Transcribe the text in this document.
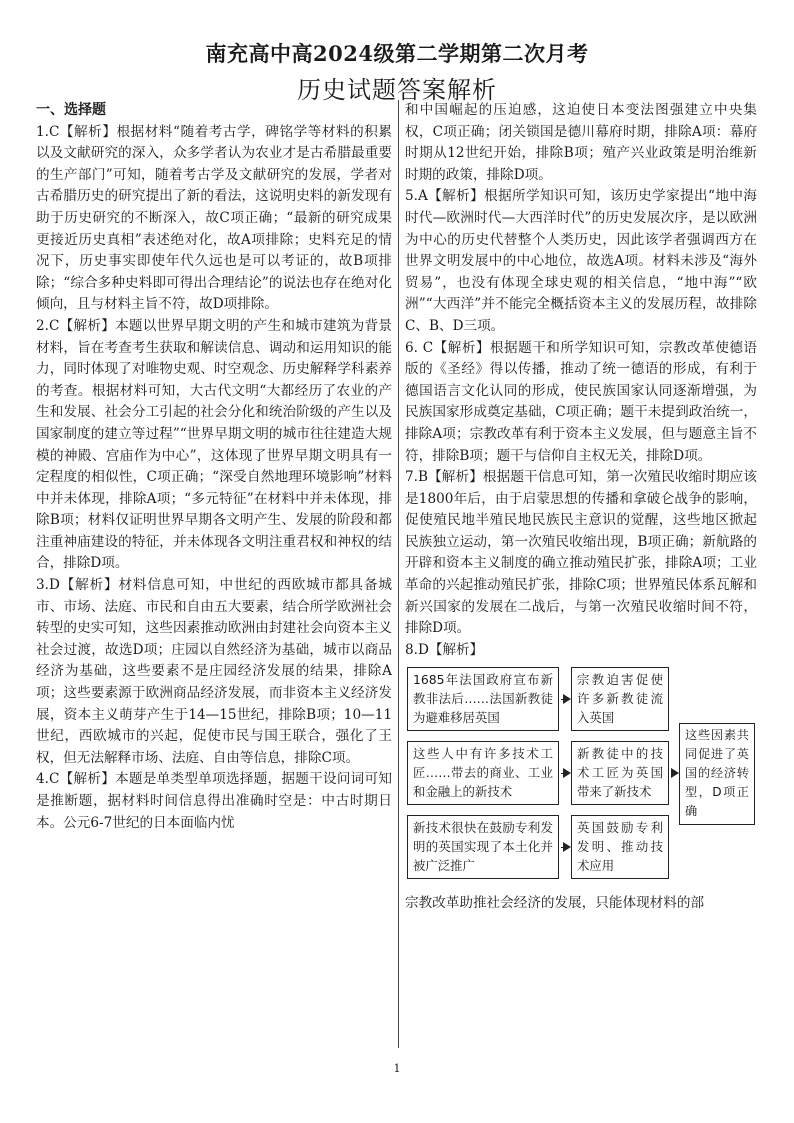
南充高中高2024级第二学期第二次月考
历史试题答案解析
一、选择题

1.C【解析】根据材料“随着考古学，碑铭学等材料的积累以及文献研究的深入，众多学者认为农业才是古希腊最重要的生产部门”可知，随着考古学及文献研究的发展，学者对古希腊历史的研究提出了新的看法，这说明史料的新发现有助于历史研究的不断深入，故C项正确；“最新的研究成果更接近历史真相”表述绝对化，故A项排除；史料充足的情况下，历史事实即使年代久远也是可以考证的，故B项排除；“综合多种史料即可得出合理结论”的说法也存在绝对化倾向，且与材料主旨不符，故D项排除。

2.C【解析】本题以世界早期文明的产生和城市建筑为背景材料，旨在考查考生获取和解读信息、调动和运用知识的能力，同时体现了对唯物史观、时空观念、历史解释学科素养的考查。根据材料可知，大古代文明“大都经历了农业的产生和发展、社会分工引起的社会分化和统治阶级的产生以及国家制度的建立等过程”“世界早期文明的城市往往建造大规模的神殿、宫庙作为中心”，这体现了世界早期文明具有一定程度的相似性，C项正确；“深受自然地理环境影响”材料中并未体现，排除A项；“多元特征”在材料中并未体现，排除B项；材料仅证明世界早期各文明产生、发展的阶段和都注重神庙建设的特征，并未体现各文明注重君权和神权的结合，排除D项。

3.D【解析】材料信息可知，中世纪的西欧城市都具备城市、市场、法庭、市民和自由五大要素，结合所学欧洲社会转型的史实可知，这些因素推动欧洲由封建社会向资本主义社会过渡，故选D项；庄园以自然经济为基础，城市以商品经济为基础，这些要素不是庄园经济发展的结果，排除A项；这些要素源于欧洲商品经济发展，而非资本主义经济发展，资本主义萌芽产生于14—15世纪，排除B项；10—11世纪，西欧城市的兴起，促使市民与国王联合，强化了王权，但无法解释市场、法庭、自由等信息，排除C项。

4.C【解析】本题是单类型单项选择题，据题干设问词可知是推断题，据材料时间信息得出准确时空是：中古时期日本。公元6-7世纪的日本面临内忧

和中国崛起的压迫感，这迫使日本变法图强建立中央集权，C项正确；闭关锁国是德川幕府时期，排除A项：幕府时期从12世纪开始，排除B项；殖产兴业政策是明治维新时期的政策，排除D项。

5.A【解析】根据所学知识可知，该历史学家提出“地中海时代—欧洲时代—大西洋时代”的历史发展次序，是以欧洲为中心的历史代替整个人类历史，因此该学者强调西方在世界文明发展中的中心地位，故选A项。材料未涉及“海外贸易”，也没有体现全球史观的相关信息，“地中海”“欧洲”“大西洋”并不能完全概括资本主义的发展历程，故排除C、B、D三项。

6. C【解析】根据题干和所学知识可知，宗教改革使德语版的《圣经》得以传播，推动了统一德语的形成，有利于德国语言文化认同的形成，使民族国家认同逐渐增强，为民族国家形成奠定基础，C项正确；题干未提到政治统一，排除A项；宗教改革有利于资本主义发展，但与题意主旨不符，排除B项；题干与信仰自主权无关，排除D项。

7.B【解析】根据题干信息可知，第一次殖民收缩时期应该是1800年后，由于启蒙思想的传播和拿破仑战争的影响，促使殖民地半殖民地民族民主意识的觉醒，这些地区掀起民族独立运动，第一次殖民收缩出现，B项正确；新航路的开辟和资本主义制度的确立推动殖民扩张，排除A项；工业革命的兴起推动殖民扩张，排除C项；世界殖民体系瓦解和新兴国家的发展在二战后，与第一次殖民收缩时间不符，排除D项。

8.D【解析】

1685年法国政府宣布新教非法后……法国新教徒为避难移居英国
宗教迫害促使许多新教徒流入英国
这些人中有许多技术工匠……带去的商业、工业和金融上的新技术
新教徒中的技术工匠为英国带来了新技术
新技术很快在鼓励专利发明的英国实现了本土化并被广泛推广
英国鼓励专利发明、推动技术应用
这些因素共同促进了英国的经济转型，D项正确

宗教改革助推社会经济的发展，只能体现材料的部

1
